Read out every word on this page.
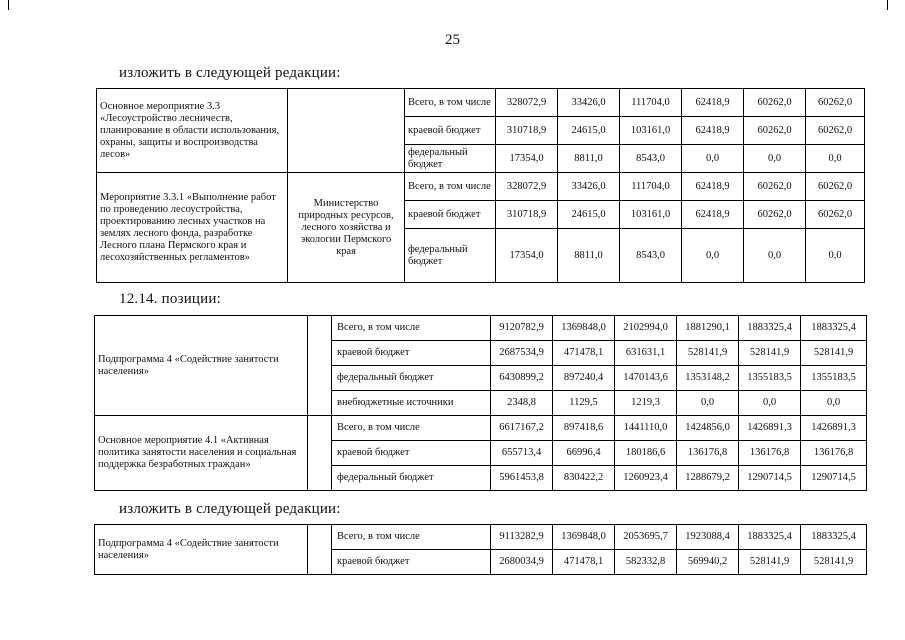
25
изложить в следующей редакции:
Основное мероприятие 3.3 «Лесоустройство лесничеств, планирование в области использования, охраны, защиты и воспроизводства лесов»		Всего, в том числе	328072,9	33426,0	111704,0	62418,9	60262,0	60262,0
		краевой бюджет	310718,9	24615,0	103161,0	62418,9	60262,0	60262,0
		федеральный бюджет	17354,0	8811,0	8543,0	0,0	0,0	0,0
Мероприятие 3.3.1 «Выполнение работ по проведению лесоустройства, проектированию лесных участков на землях лесного фонда, разработке Лесного плана Пермского края и лесохозяйственных регламентов»	Министерство природных ресурсов, лесного хозяйства и экологии Пермского края	Всего, в том числе	328072,9	33426,0	111704,0	62418,9	60262,0	60262,0
		краевой бюджет	310718,9	24615,0	103161,0	62418,9	60262,0	60262,0
		федеральный бюджет	17354,0	8811,0	8543,0	0,0	0,0	0,0
12.14. позиции:
Подпрограмма 4 «Содействие занятости населения»		Всего, в том числе	9120782,9	1369848,0	2102994,0	1881290,1	1883325,4	1883325,4
		краевой бюджет	2687534,9	471478,1	631631,1	528141,9	528141,9	528141,9
		федеральный бюджет	6430899,2	897240,4	1470143,6	1353148,2	1355183,5	1355183,5
		внебюджетные источники	2348,8	1129,5	1219,3	0,0	0,0	0,0
Основное мероприятие 4.1 «Активная политика занятости населения и социальная поддержка безработных граждан»		Всего, в том числе	6617167,2	897418,6	1441110,0	1424856,0	1426891,3	1426891,3
		краевой бюджет	655713,4	66996,4	180186,6	136176,8	136176,8	136176,8
		федеральный бюджет	5961453,8	830422,2	1260923,4	1288679,2	1290714,5	1290714,5
изложить в следующей редакции:
Подпрограмма 4 «Содействие занятости населения»		Всего, в том числе	9113282,9	1369848,0	2053695,7	1923088,4	1883325,4	1883325,4
		краевой бюджет	2680034,9	471478,1	582332,8	569940,2	528141,9	528141,9
